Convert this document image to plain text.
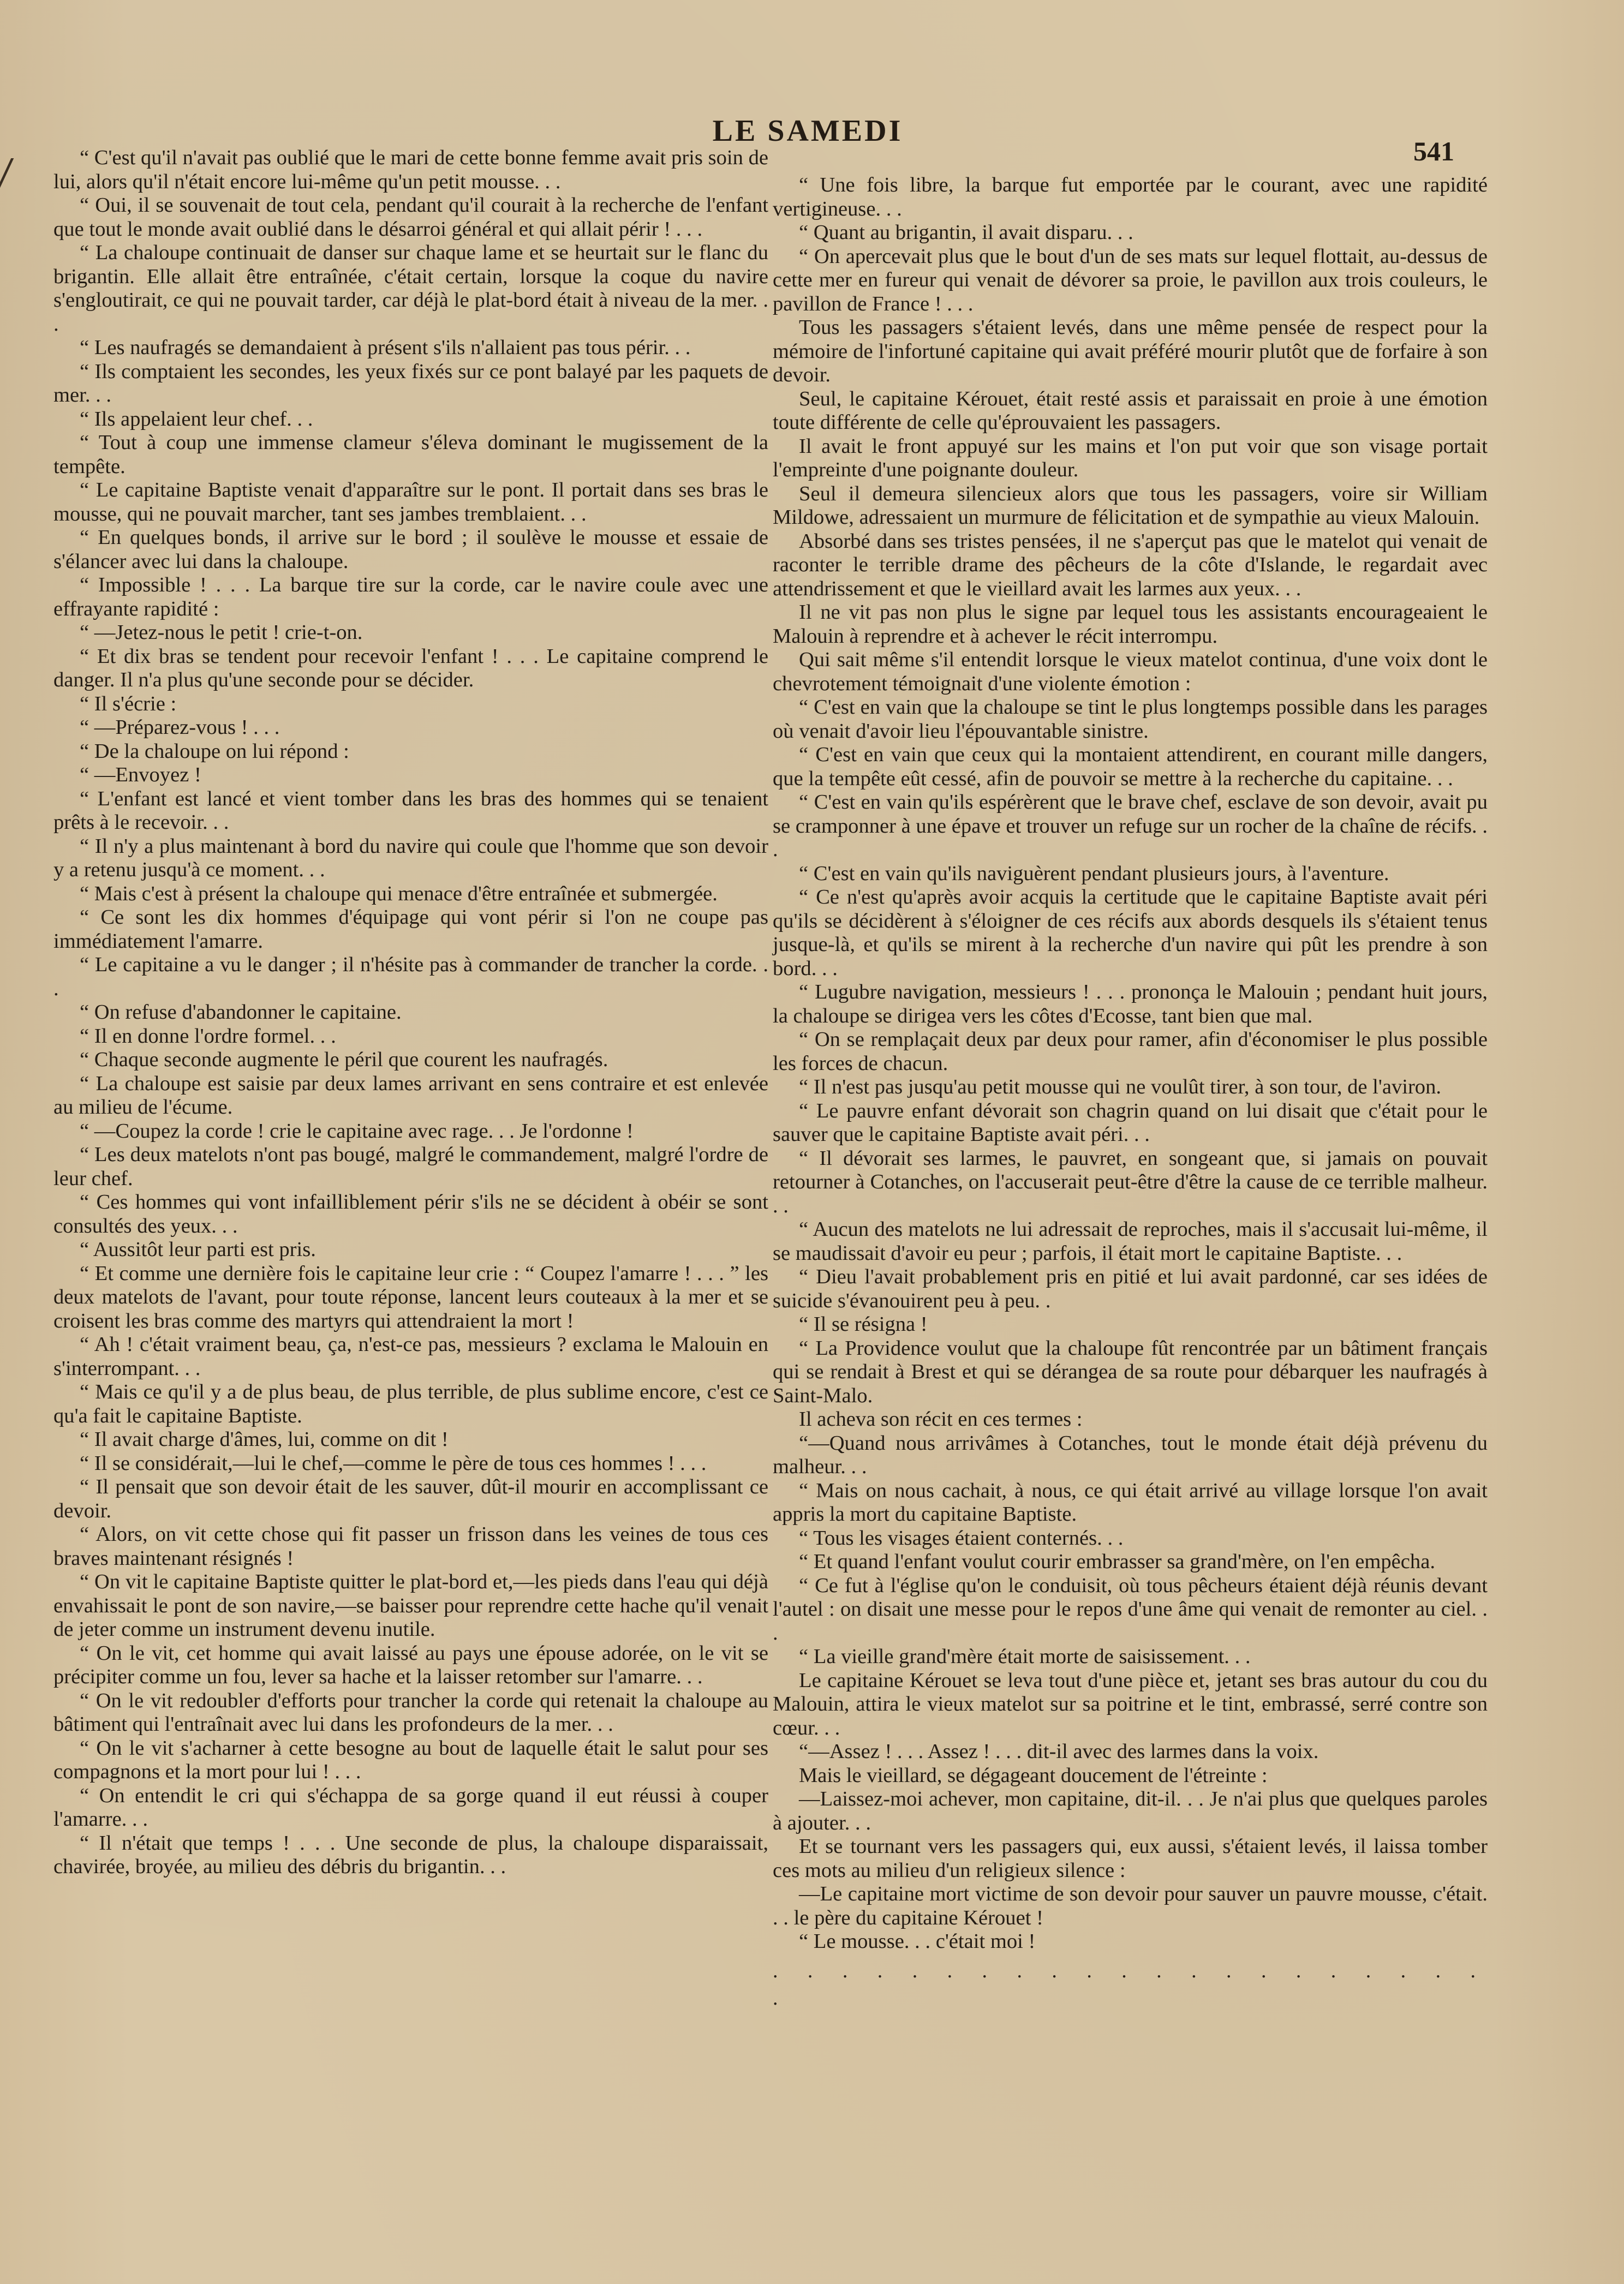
LE SAMEDI
541

“ C'est qu'il n'avait pas oublié que le mari de cette bonne femme avait pris soin de lui, alors qu'il n'était encore lui-même qu'un petit mousse. . .

“ Oui, il se souvenait de tout cela, pendant qu'il courait à la recherche de l'enfant que tout le monde avait oublié dans le désarroi général et qui allait périr ! . . .

“ La chaloupe continuait de danser sur chaque lame et se heurtait sur le flanc du brigantin. Elle allait être entraînée, c'était certain, lorsque la coque du navire s'engloutirait, ce qui ne pouvait tarder, car déjà le plat-bord était à niveau de la mer. . .

“ Les naufragés se demandaient à présent s'ils n'allaient pas tous périr. . .

“ Ils comptaient les secondes, les yeux fixés sur ce pont balayé par les paquets de mer. . .

“ Ils appelaient leur chef. . .

“ Tout à coup une immense clameur s'éleva dominant le mugissement de la tempête.

“ Le capitaine Baptiste venait d'apparaître sur le pont. Il portait dans ses bras le mousse, qui ne pouvait marcher, tant ses jambes tremblaient. . .

“ En quelques bonds, il arrive sur le bord ; il soulève le mousse et essaie de s'élancer avec lui dans la chaloupe.

“ Impossible ! . . . La barque tire sur la corde, car le navire coule avec une effrayante rapidité :

“ —Jetez-nous le petit ! crie-t-on.

“ Et dix bras se tendent pour recevoir l'enfant ! . . . Le capitaine comprend le danger. Il n'a plus qu'une seconde pour se décider.

“ Il s'écrie :

“ —Préparez-vous ! . . .

“ De la chaloupe on lui répond :

“ —Envoyez !

“ L'enfant est lancé et vient tomber dans les bras des hommes qui se tenaient prêts à le recevoir. . .

“ Il n'y a plus maintenant à bord du navire qui coule que l'homme que son devoir y a retenu jusqu'à ce moment. . .

“ Mais c'est à présent la chaloupe qui menace d'être entraînée et submergée.

“ Ce sont les dix hommes d'équipage qui vont périr si l'on ne coupe pas immédiatement l'amarre.

“ Le capitaine a vu le danger ; il n'hésite pas à commander de trancher la corde. . .

“ On refuse d'abandonner le capitaine.

“ Il en donne l'ordre formel. . .

“ Chaque seconde augmente le péril que courent les naufragés.

“ La chaloupe est saisie par deux lames arrivant en sens contraire et est enlevée au milieu de l'écume.

“ —Coupez la corde ! crie le capitaine avec rage. . . Je l'ordonne !

“ Les deux matelots n'ont pas bougé, malgré le commandement, malgré l'ordre de leur chef.

“ Ces hommes qui vont infailliblement périr s'ils ne se décident à obéir se sont consultés des yeux. . .

“ Aussitôt leur parti est pris.

“ Et comme une dernière fois le capitaine leur crie : “ Coupez l'amarre ! . . . ” les deux matelots de l'avant, pour toute réponse, lancent leurs couteaux à la mer et se croisent les bras comme des martyrs qui attendraient la mort !

“ Ah ! c'était vraiment beau, ça, n'est-ce pas, messieurs ? exclama le Malouin en s'interrompant. . .

“ Mais ce qu'il y a de plus beau, de plus terrible, de plus sublime encore, c'est ce qu'a fait le capitaine Baptiste.

“ Il avait charge d'âmes, lui, comme on dit !

“ Il se considérait,—lui le chef,—comme le père de tous ces hommes ! . . .

“ Il pensait que son devoir était de les sauver, dût-il mourir en accomplissant ce devoir.

“ Alors, on vit cette chose qui fit passer un frisson dans les veines de tous ces braves maintenant résignés !

“ On vit le capitaine Baptiste quitter le plat-bord et,—les pieds dans l'eau qui déjà envahissait le pont de son navire,—se baisser pour reprendre cette hache qu'il venait de jeter comme un instrument devenu inutile.

“ On le vit, cet homme qui avait laissé au pays une épouse adorée, on le vit se précipiter comme un fou, lever sa hache et la laisser retomber sur l'amarre. . .

“ On le vit redoubler d'efforts pour trancher la corde qui retenait la chaloupe au bâtiment qui l'entraînait avec lui dans les profondeurs de la mer. . .

“ On le vit s'acharner à cette besogne au bout de laquelle était le salut pour ses compagnons et la mort pour lui ! . . .

“ On entendit le cri qui s'échappa de sa gorge quand il eut réussi à couper l'amarre. . .

“ Il n'était que temps ! . . . Une seconde de plus, la chaloupe disparaissait, chavirée, broyée, au milieu des débris du brigantin. . .

“ Une fois libre, la barque fut emportée par le courant, avec une rapidité vertigineuse. . .

“ Quant au brigantin, il avait disparu. . .

“ On apercevait plus que le bout d'un de ses mats sur lequel flottait, au-dessus de cette mer en fureur qui venait de dévorer sa proie, le pavillon aux trois couleurs, le pavillon de France ! . . .

Tous les passagers s'étaient levés, dans une même pensée de respect pour la mémoire de l'infortuné capitaine qui avait préféré mourir plutôt que de forfaire à son devoir.

Seul, le capitaine Kérouet, était resté assis et paraissait en proie à une émotion toute différente de celle qu'éprouvaient les passagers.

Il avait le front appuyé sur les mains et l'on put voir que son visage portait l'empreinte d'une poignante douleur.

Seul il demeura silencieux alors que tous les passagers, voire sir William Mildowe, adressaient un murmure de félicitation et de sympathie au vieux Malouin.

Absorbé dans ses tristes pensées, il ne s'aperçut pas que le matelot qui venait de raconter le terrible drame des pêcheurs de la côte d'Islande, le regardait avec attendrissement et que le vieillard avait les larmes aux yeux. . .

Il ne vit pas non plus le signe par lequel tous les assistants encourageaient le Malouin à reprendre et à achever le récit interrompu.

Qui sait même s'il entendit lorsque le vieux matelot continua, d'une voix dont le chevrotement témoignait d'une violente émotion :

“ C'est en vain que la chaloupe se tint le plus longtemps possible dans les parages où venait d'avoir lieu l'épouvantable sinistre.

“ C'est en vain que ceux qui la montaient attendirent, en courant mille dangers, que la tempête eût cessé, afin de pouvoir se mettre à la recherche du capitaine. . .

“ C'est en vain qu'ils espérèrent que le brave chef, esclave de son devoir, avait pu se cramponner à une épave et trouver un refuge sur un rocher de la chaîne de récifs. . .

“ C'est en vain qu'ils naviguèrent pendant plusieurs jours, à l'aventure.

“ Ce n'est qu'après avoir acquis la certitude que le capitaine Baptiste avait péri qu'ils se décidèrent à s'éloigner de ces récifs aux abords desquels ils s'étaient tenus jusque-là, et qu'ils se mirent à la recherche d'un navire qui pût les prendre à son bord. . .

“ Lugubre navigation, messieurs ! . . . prononça le Malouin ; pendant huit jours, la chaloupe se dirigea vers les côtes d'Ecosse, tant bien que mal.

“ On se remplaçait deux par deux pour ramer, afin d'économiser le plus possible les forces de chacun.

“ Il n'est pas jusqu'au petit mousse qui ne voulût tirer, à son tour, de l'aviron.

“ Le pauvre enfant dévorait son chagrin quand on lui disait que c'était pour le sauver que le capitaine Baptiste avait péri. . .

“ Il dévorait ses larmes, le pauvret, en songeant que, si jamais on pouvait retourner à Cotanches, on l'accuserait peut-être d'être la cause de ce terrible malheur. . .

“ Aucun des matelots ne lui adressait de reproches, mais il s'accusait lui-même, il se maudissait d'avoir eu peur ; parfois, il était mort le capitaine Baptiste. . .

“ Dieu l'avait probablement pris en pitié et lui avait pardonné, car ses idées de suicide s'évanouirent peu à peu. .

“ Il se résigna !

“ La Providence voulut que la chaloupe fût rencontrée par un bâtiment français qui se rendait à Brest et qui se dérangea de sa route pour débarquer les naufragés à Saint-Malo.

Il acheva son récit en ces termes :

“—Quand nous arrivâmes à Cotanches, tout le monde était déjà prévenu du malheur. . .

“ Mais on nous cachait, à nous, ce qui était arrivé au village lorsque l'on avait appris la mort du capitaine Baptiste.

“ Tous les visages étaient conternés. . .

“ Et quand l'enfant voulut courir embrasser sa grand'mère, on l'en empêcha.

“ Ce fut à l'église qu'on le conduisit, où tous pêcheurs étaient déjà réunis devant l'autel : on disait une messe pour le repos d'une âme qui venait de remonter au ciel. . .

“ La vieille grand'mère était morte de saisissement. . .

Le capitaine Kérouet se leva tout d'une pièce et, jetant ses bras autour du cou du Malouin, attira le vieux matelot sur sa poitrine et le tint, embrassé, serré contre son cœur. . .

“—Assez ! . . . Assez ! . . . dit-il avec des larmes dans la voix.

Mais le vieillard, se dégageant doucement de l'étreinte :

—Laissez-moi achever, mon capitaine, dit-il. . . Je n'ai plus que quelques paroles à ajouter. . .

Et se tournant vers les passagers qui, eux aussi, s'étaient levés, il laissa tomber ces mots au milieu d'un religieux silence :

—Le capitaine mort victime de son devoir pour sauver un pauvre mousse, c'était. . . le père du capitaine Kérouet !

“ Le mousse. . . c'était moi !

. . . . . . . . . . . . . . . . . . . . . .
